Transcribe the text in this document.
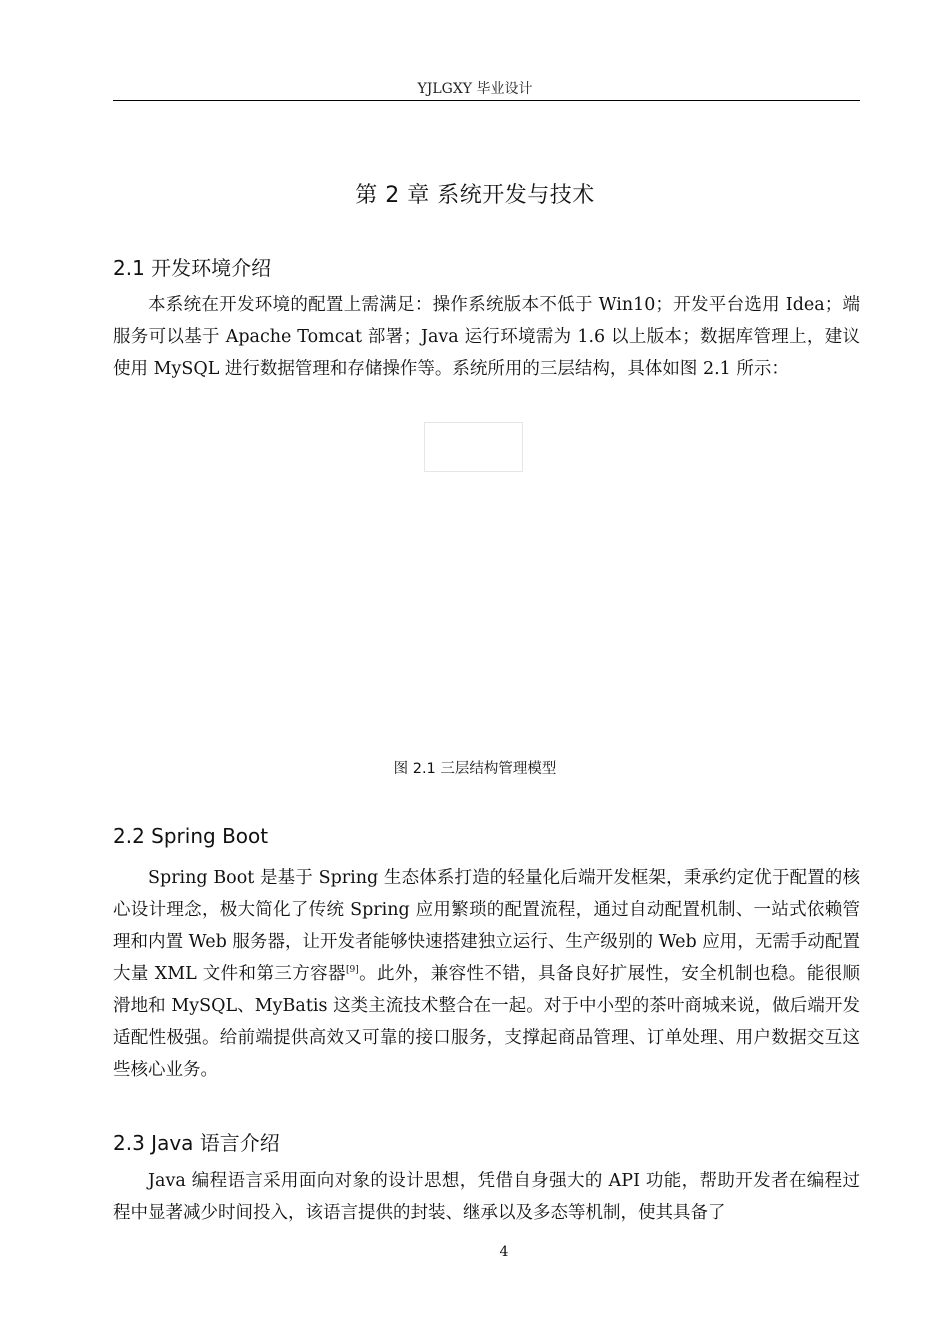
YJLGXY 毕业设计
第 2 章 系统开发与技术
2.1 开发环境介绍
本系统在开发环境的配置上需满足：操作系统版本不低于 Win10；开发平台选用 Idea；端服务可以基于 Apache Tomcat 部署；Java 运行环境需为 1.6 以上版本；数据库管理上，建议使用 MySQL 进行数据管理和存储操作等。系统所用的三层结构，具体如图 2.1 所示：
图 2.1 三层结构管理模型
2.2 Spring Boot
Spring Boot 是基于 Spring 生态体系打造的轻量化后端开发框架，秉承约定优于配置的核心设计理念，极大简化了传统 Spring 应用繁琐的配置流程，通过自动配置机制、一站式依赖管理和内置 Web 服务器，让开发者能够快速搭建独立运行、生产级别的 Web 应用，无需手动配置大量 XML 文件和第三方容器[9]。此外，兼容性不错，具备良好扩展性，安全机制也稳。能很顺滑地和 MySQL、MyBatis 这类主流技术整合在一起。对于中小型的茶叶商城来说，做后端开发适配性极强。给前端提供高效又可靠的接口服务，支撑起商品管理、订单处理、用户数据交互这些核心业务。
2.3 Java 语言介绍
Java 编程语言采用面向对象的设计思想，凭借自身强大的 API 功能，帮助开发者在编程过程中显著减少时间投入，该语言提供的封装、继承以及多态等机制，使其具备了
4
